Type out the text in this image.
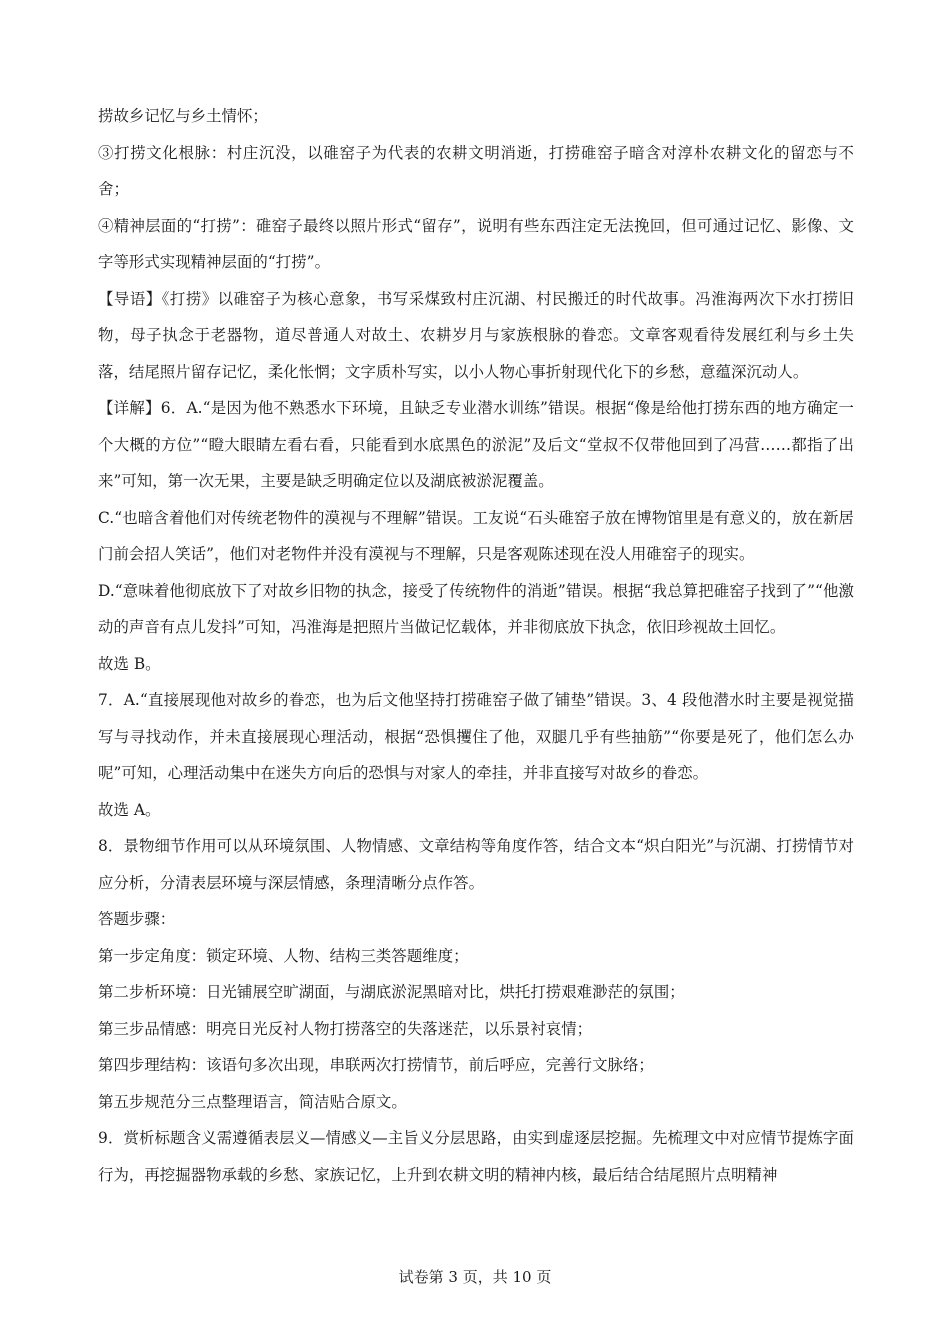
捞故乡记忆与乡土情怀；

③打捞文化根脉：村庄沉没，以碓窑子为代表的农耕文明消逝，打捞碓窑子暗含对淳朴农耕文化的留恋与不舍；

④精神层面的“打捞”：碓窑子最终以照片形式“留存”，说明有些东西注定无法挽回，但可通过记忆、影像、文字等形式实现精神层面的“打捞”。

【导语】《打捞》以碓窑子为核心意象，书写采煤致村庄沉湖、村民搬迁的时代故事。冯淮海两次下水打捞旧物，母子执念于老器物，道尽普通人对故土、农耕岁月与家族根脉的眷恋。文章客观看待发展红利与乡土失落，结尾照片留存记忆，柔化怅惘；文字质朴写实，以小人物心事折射现代化下的乡愁，意蕴深沉动人。

【详解】6．A.“是因为他不熟悉水下环境，且缺乏专业潜水训练”错误。根据“像是给他打捞东西的地方确定一个大概的方位”“瞪大眼睛左看右看，只能看到水底黑色的淤泥”及后文“堂叔不仅带他回到了冯营……都指了出来”可知，第一次无果，主要是缺乏明确定位以及湖底被淤泥覆盖。

C.“也暗含着他们对传统老物件的漠视与不理解”错误。工友说“石头碓窑子放在博物馆里是有意义的，放在新居门前会招人笑话”，他们对老物件并没有漠视与不理解，只是客观陈述现在没人用碓窑子的现实。

D.“意味着他彻底放下了对故乡旧物的执念，接受了传统物件的消逝”错误。根据“我总算把碓窑子找到了”“他激动的声音有点儿发抖”可知，冯淮海是把照片当做记忆载体，并非彻底放下执念，依旧珍视故土回忆。

故选 B。

7．A.“直接展现他对故乡的眷恋，也为后文他坚持打捞碓窑子做了铺垫”错误。3、4 段他潜水时主要是视觉描写与寻找动作，并未直接展现心理活动，根据“恐惧攫住了他，双腿几乎有些抽筋”“你要是死了，他们怎么办呢”可知，心理活动集中在迷失方向后的恐惧与对家人的牵挂，并非直接写对故乡的眷恋。

故选 A。

8．景物细节作用可以从环境氛围、人物情感、文章结构等角度作答，结合文本“炽白阳光”与沉湖、打捞情节对应分析，分清表层环境与深层情感，条理清晰分点作答。

答题步骤：

第一步定角度：锁定环境、人物、结构三类答题维度；

第二步析环境：日光铺展空旷湖面，与湖底淤泥黑暗对比，烘托打捞艰难渺茫的氛围；

第三步品情感：明亮日光反衬人物打捞落空的失落迷茫，以乐景衬哀情；

第四步理结构：该语句多次出现，串联两次打捞情节，前后呼应，完善行文脉络；

第五步规范分三点整理语言，简洁贴合原文。

9．赏析标题含义需遵循表层义—情感义—主旨义分层思路，由实到虚逐层挖掘。先梳理文中对应情节提炼字面行为，再挖掘器物承载的乡愁、家族记忆，上升到农耕文明的精神内核，最后结合结尾照片点明精神

试卷第 3 页，共 10 页
